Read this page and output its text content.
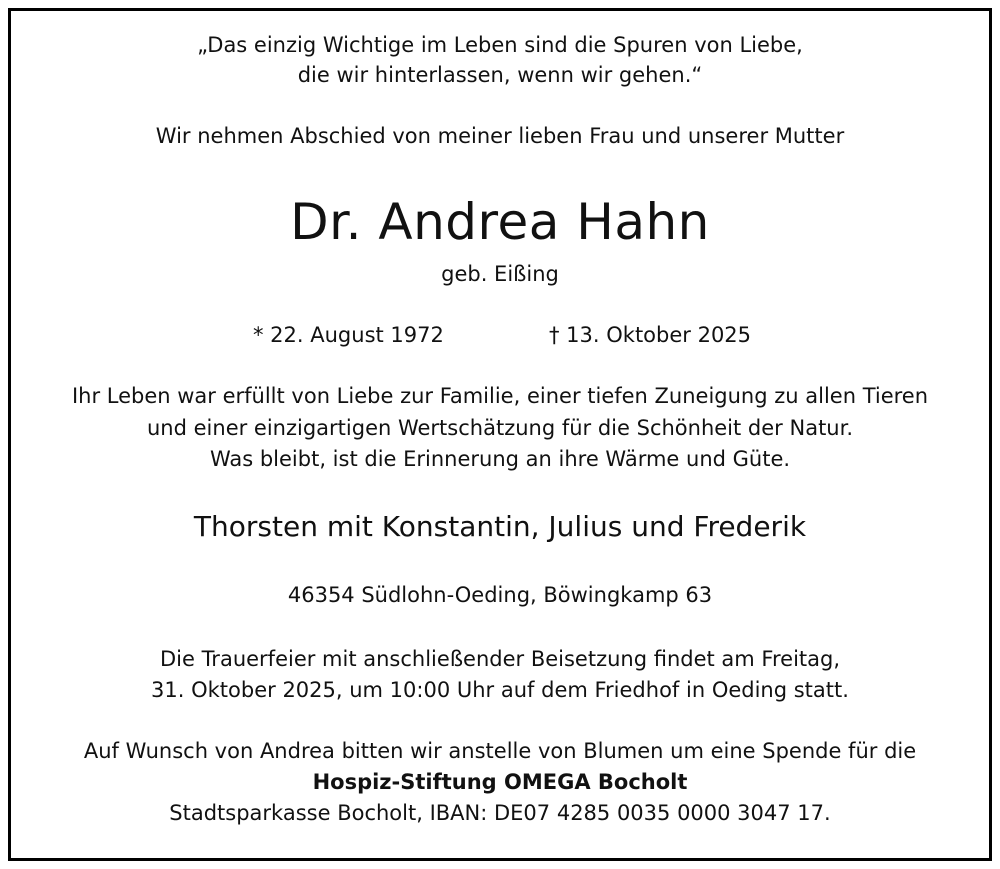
„Das einzig Wichtige im Leben sind die Spuren von Liebe,
die wir hinterlassen, wenn wir gehen.“
Wir nehmen Abschied von meiner lieben Frau und unserer Mutter
Dr. Andrea Hahn
geb. Eißing
* 22. August 1972	† 13. Oktober 2025
Ihr Leben war erfüllt von Liebe zur Familie, einer tiefen Zuneigung zu allen Tieren
und einer einzigartigen Wertschätzung für die Schönheit der Natur.
Was bleibt, ist die Erinnerung an ihre Wärme und Güte.
Thorsten mit Konstantin, Julius und Frederik
46354 Südlohn-Oeding, Böwingkamp 63
Die Trauerfeier mit anschließender Beisetzung findet am Freitag,
31. Oktober 2025, um 10:00 Uhr auf dem Friedhof in Oeding statt.
Auf Wunsch von Andrea bitten wir anstelle von Blumen um eine Spende für die
Hospiz-Stiftung OMEGA Bocholt
Stadtsparkasse Bocholt, IBAN: DE07 4285 0035 0000 3047 17.
